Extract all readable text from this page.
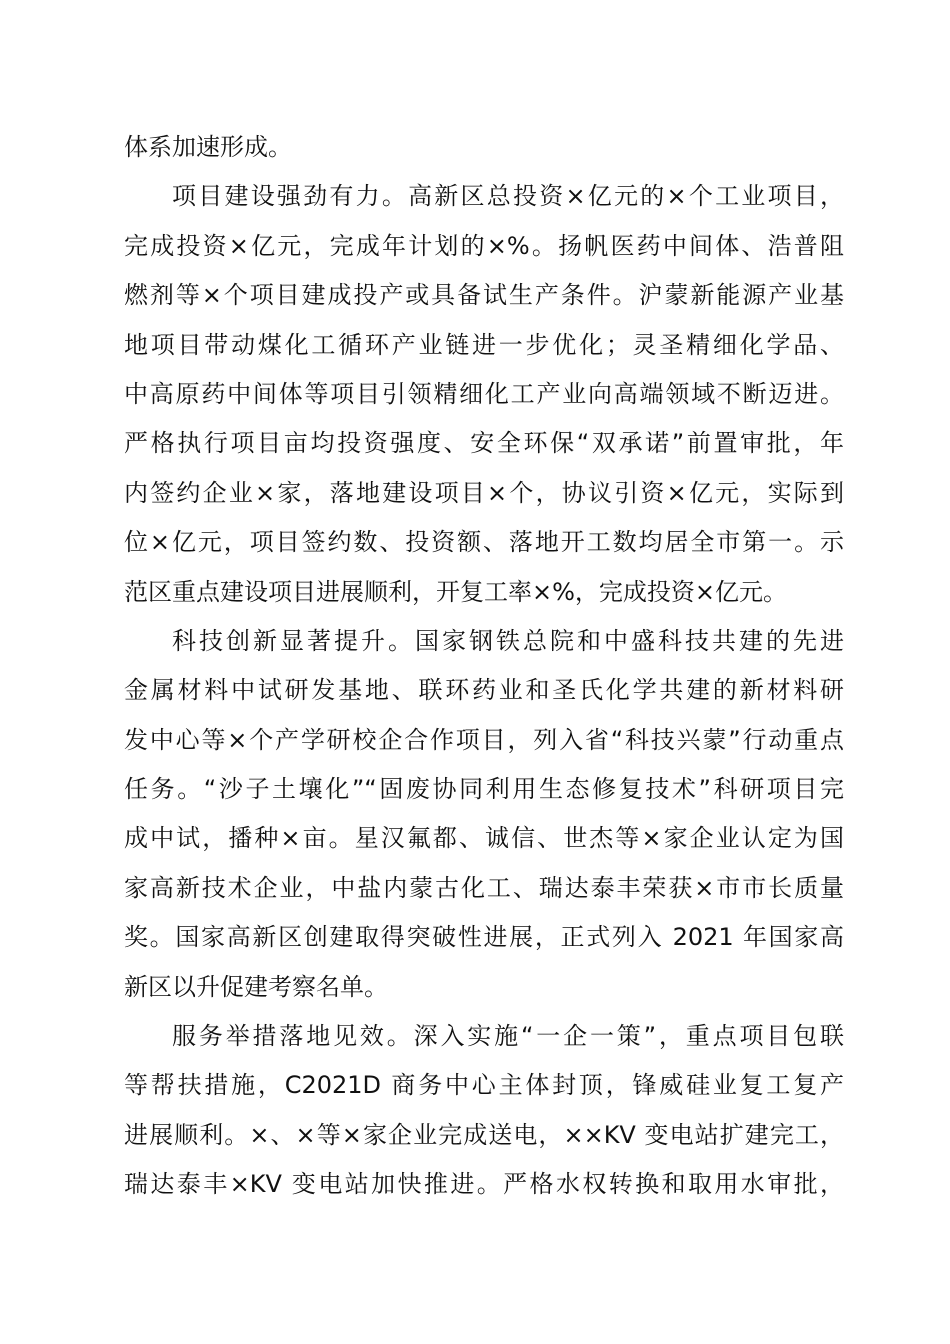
体系加速形成。
项目建设强劲有力。高新区总投资×亿元的×个工业项目，
完成投资×亿元，完成年计划的×%。扬帆医药中间体、浩普阻
燃剂等×个项目建成投产或具备试生产条件。沪蒙新能源产业基
地项目带动煤化工循环产业链进一步优化；灵圣精细化学品、
中高原药中间体等项目引领精细化工产业向高端领域不断迈进。
严格执行项目亩均投资强度、安全环保“双承诺”前置审批，年
内签约企业×家，落地建设项目×个，协议引资×亿元，实际到
位×亿元，项目签约数、投资额、落地开工数均居全市第一。示
范区重点建设项目进展顺利，开复工率×%，完成投资×亿元。
科技创新显著提升。国家钢铁总院和中盛科技共建的先进
金属材料中试研发基地、联环药业和圣氏化学共建的新材料研
发中心等×个产学研校企合作项目，列入省“科技兴蒙”行动重点
任务。“沙子土壤化”“固废协同利用生态修复技术”科研项目完
成中试，播种×亩。星汉氟都、诚信、世杰等×家企业认定为国
家高新技术企业，中盐内蒙古化工、瑞达泰丰荣获×市市长质量
奖。国家高新区创建取得突破性进展，正式列入 2021 年国家高
新区以升促建考察名单。
服务举措落地见效。深入实施“一企一策”，重点项目包联
等帮扶措施，C2021D 商务中心主体封顶，锋威硅业复工复产
进展顺利。×、×等×家企业完成送电，××KV 变电站扩建完工，
瑞达泰丰×KV 变电站加快推进。严格水权转换和取用水审批，
